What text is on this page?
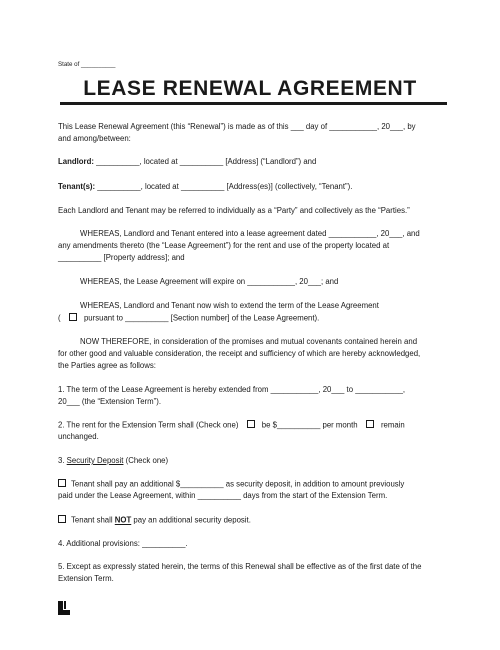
State of __________
LEASE RENEWAL AGREEMENT
This Lease Renewal Agreement (this “Renewal”) is made as of this ___ day of ___________, 20___, by
and among/between:
Landlord: __________, located at __________ [Address] (“Landlord”) and
Tenant(s): __________, located at __________ [Address(es)] (collectively, “Tenant”).
Each Landlord and Tenant may be referred to individually as a “Party” and collectively as the “Parties.”
WHEREAS, Landlord and Tenant entered into a lease agreement dated ___________, 20___, and
any amendments thereto (the “Lease Agreement”) for the rent and use of the property located at
__________ [Property address]; and
WHEREAS, the Lease Agreement will expire on ___________, 20___; and
WHEREAS, Landlord and Tenant now wish to extend the term of the Lease Agreement
(	pursuant to __________ [Section number] of the Lease Agreement).
NOW THEREFORE, in consideration of the promises and mutual covenants contained herein and
for other good and valuable consideration, the receipt and sufficiency of which are hereby acknowledged,
the Parties agree as follows:
1. The term of the Lease Agreement is hereby extended from ___________, 20___ to ___________,
20___ (the “Extension Term”).
2. The rent for the Extension Term shall (Check one)	be $__________ per month	remain
unchanged.
3. Security Deposit (Check one)
Tenant shall pay an additional $__________ as security deposit, in addition to amount previously
paid under the Lease Agreement, within __________ days from the start of the Extension Term.
Tenant shall NOT pay an additional security deposit.
4. Additional provisions: __________.
5. Except as expressly stated herein, the terms of this Renewal shall be effective as of the first date of the
Extension Term.
